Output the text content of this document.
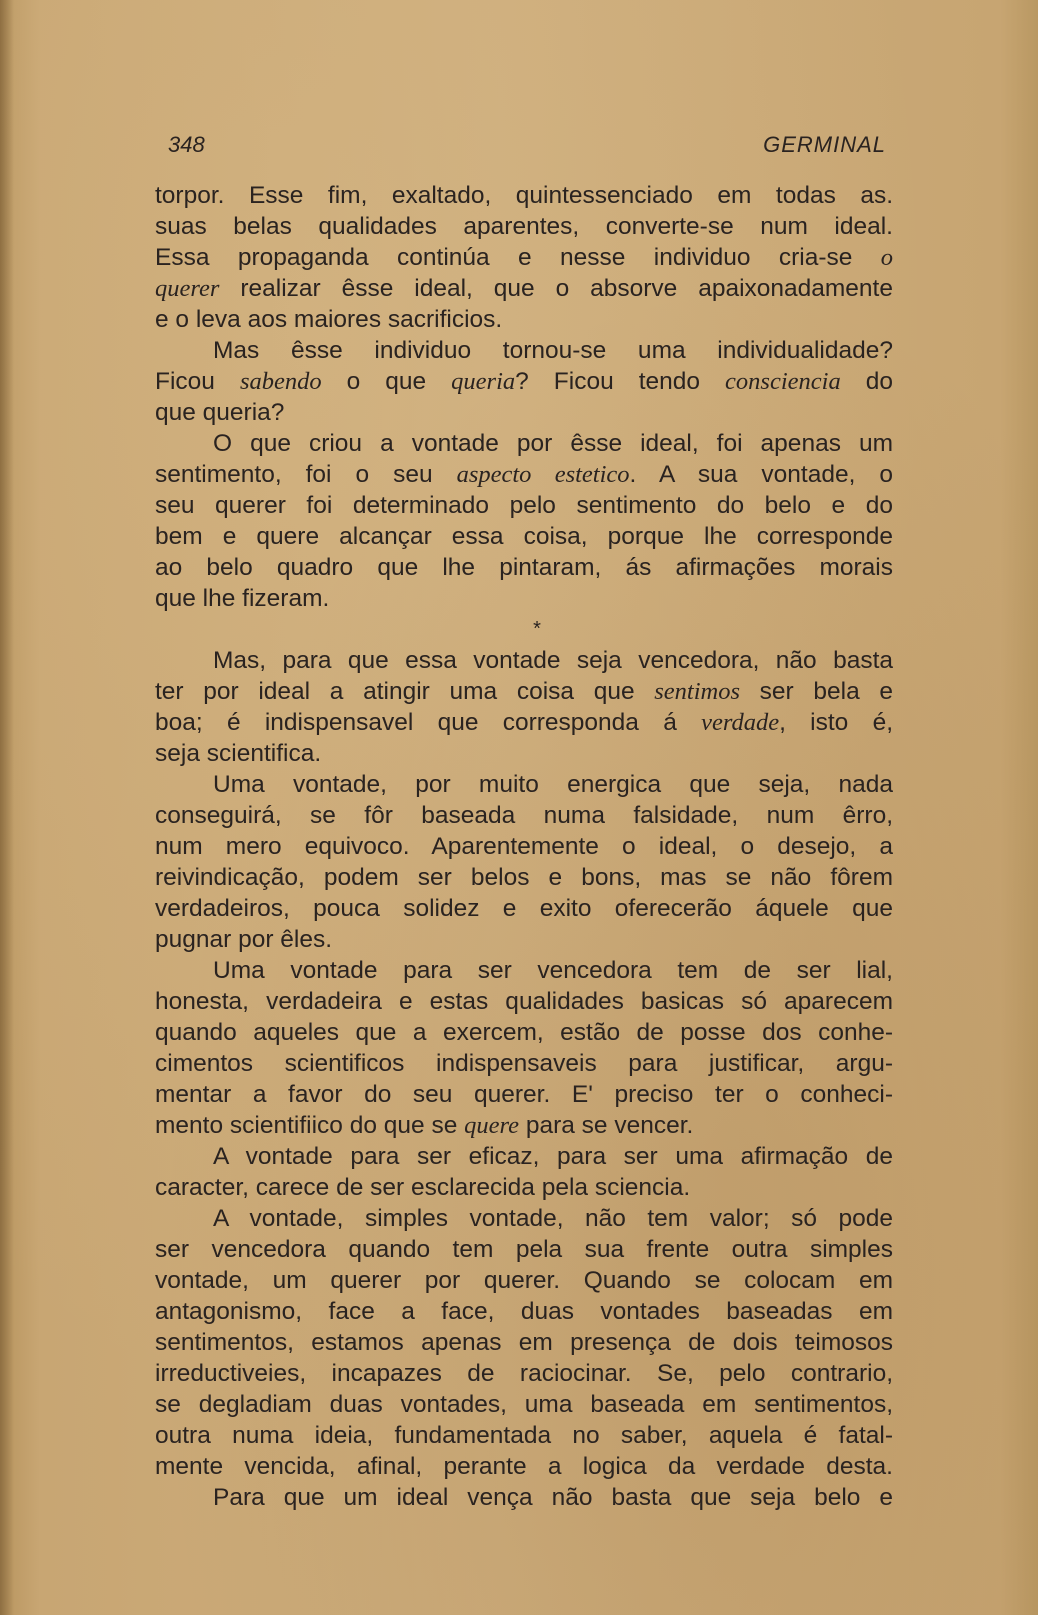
348	GERMINAL
torpor. Esse fim, exaltado, quintessenciado em todas as.
suas belas qualidades aparentes, converte-se num ideal.
Essa propaganda continúa e nesse individuo cria-se o
querer realizar êsse ideal, que o absorve apaixonadamente
e o leva aos maiores sacrificios.
Mas êsse individuo tornou-se uma individualidade?
Ficou sabendo o que queria? Ficou tendo consciencia do
que queria?
O que criou a vontade por êsse ideal, foi apenas um
sentimento, foi o seu aspecto estetico. A sua vontade, o
seu querer foi determinado pelo sentimento do belo e do
bem e quere alcançar essa coisa, porque lhe corresponde
ao belo quadro que lhe pintaram, ás afirmações morais
que lhe fizeram.
*
Mas, para que essa vontade seja vencedora, não basta
ter por ideal a atingir uma coisa que sentimos ser bela e
boa; é indispensavel que corresponda á verdade, isto é,
seja scientifica.
Uma vontade, por muito energica que seja, nada
conseguirá, se fôr baseada numa falsidade, num êrro,
num mero equivoco. Aparentemente o ideal, o desejo, a
reivindicação, podem ser belos e bons, mas se não fôrem
verdadeiros, pouca solidez e exito oferecerão áquele que
pugnar por êles.
Uma vontade para ser vencedora tem de ser lial,
honesta, verdadeira e estas qualidades basicas só aparecem
quando aqueles que a exercem, estão de posse dos conhe-
cimentos scientificos indispensaveis para justificar, argu-
mentar a favor do seu querer. E' preciso ter o conheci-
mento scientifiico do que se quere para se vencer.
A vontade para ser eficaz, para ser uma afirmação de
caracter, carece de ser esclarecida pela sciencia.
A vontade, simples vontade, não tem valor; só pode
ser vencedora quando tem pela sua frente outra simples
vontade, um querer por querer. Quando se colocam em
antagonismo, face a face, duas vontades baseadas em
sentimentos, estamos apenas em presença de dois teimosos
irreductiveies, incapazes de raciocinar. Se, pelo contrario,
se degladiam duas vontades, uma baseada em sentimentos,
outra numa ideia, fundamentada no saber, aquela é fatal-
mente vencida, afinal, perante a logica da verdade desta.
Para que um ideal vença não basta que seja belo e
